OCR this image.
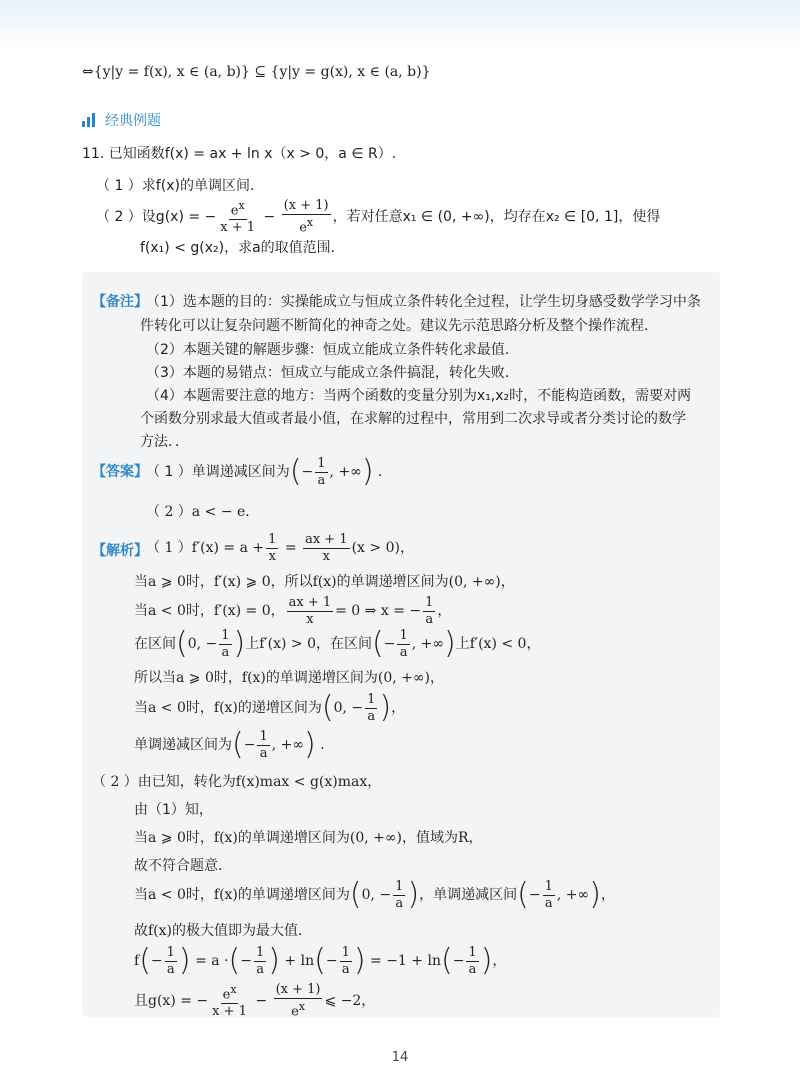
⇔{y|y = f(x), x ∈ (a, b)} ⊆ {y|y = g(x), x ∈ (a, b)}
经典例题
11. 已知函数f(x) = ax + ln x（x > 0，a ∈ R）.
（ 1 ）求f(x)的单调区间．
（ 2 ）设g(x) = − $\frac{e^x}{x + 1} - \frac{(x + 1)}{e^x}$ ，若对任意x₁ ∈ (0, +∞)，均存在x₂ ∈ [0, 1]，使得
f(x₁) < g(x₂)，求a的取值范围．
【备注】
（1）选本题的目的：实操能成立与恒成立条件转化全过程，让学生切身感受数学学习中条
件转化可以让复杂问题不断简化的神奇之处。建议先示范思路分析及整个操作流程．
（2）本题关键的解题步骤：恒成立能成立条件转化求最值．
（3）本题的易错点：恒成立与能成立条件搞混，转化失败．
（4）本题需要注意的地方：当两个函数的变量分别为x₁,x₂时，不能构造函数，需要对两
个函数分别求最大值或者最小值，在求解的过程中，常用到二次求导或者分类讨论的数学
方法．．
【答案】
（ 1 ）单调递减区间为(− $\frac{1}{a}$ , +∞) ．
（ 2 ）a < − e．
【解析】
（ 1 ）$f'(x) = a + \frac{1}{x} = \frac{ax + 1}{x} (x > 0)$，
当a ⩾ 0时，f′(x) ⩾ 0，所以f(x)的单调递增区间为(0, +∞)，
当a < 0时，f′(x) = 0， $\frac{ax + 1}{x} = 0$ ⇒ x = − $\frac{1}{a}$ ，
在区间(0, − $\frac{1}{a}$ )上f′(x) > 0，在区间(− $\frac{1}{a}$ , +∞)上f′(x) < 0，
所以当a ⩾ 0时，f(x)的单调递增区间为(0, +∞)，
当a < 0时，f(x)的递增区间为(0, − $\frac{1}{a}$ )，
单调递减区间为(− $\frac{1}{a}$ , +∞) ．
（ 2 ）由已知，转化为f(x)max < g(x)max，
由（1）知，
当a ⩾ 0时，f(x)的单调递增区间为(0, +∞)，值域为R，
故不符合题意．
当a < 0时，f(x)的单调递增区间为(0, − $\frac{1}{a}$ )，单调递减区间(− $\frac{1}{a}$ , +∞)，
故f(x)的极大值即为最大值．
$f(- \frac{1}{a}$ ) = a ·(− $\frac{1}{a}$ ) + $\ln(- \frac{1}{a}$ ) = $-1 + \ln(- \frac{1}{a}$ )，
且g(x) = − $\frac{e^x}{x + 1} - \frac{(x + 1)}{e^x}$ ⩽ −2，
14
